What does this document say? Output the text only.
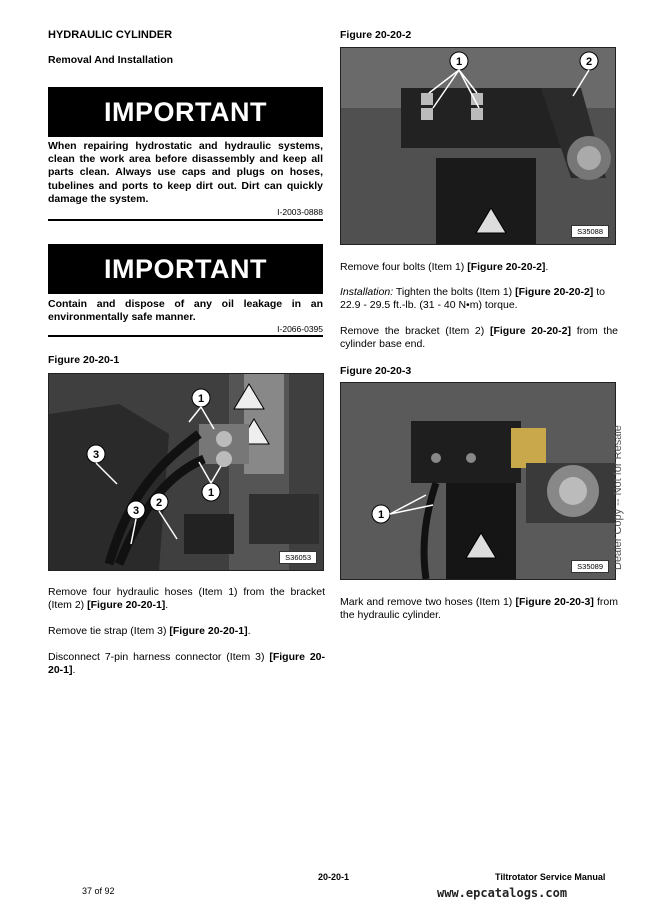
HYDRAULIC CYLINDER
Removal And Installation
IMPORTANT
When repairing hydrostatic and hydraulic systems, clean the work area before disassembly and keep all parts clean. Always use caps and plugs on hoses, tubelines and ports to keep dirt out. Dirt can quickly damage the system.
I-2003-0888
IMPORTANT
Contain and dispose of any oil leakage in an environmentally safe manner.
I-2066-0395
Figure 20-20-1
1
1
2
3
3
S36053
Remove four hydraulic hoses (Item 1) from the bracket (Item 2) [Figure 20-20-1].
Remove tie strap (Item 3) [Figure 20-20-1].
Disconnect 7-pin harness connector (Item 3) [Figure 20-20-1].
Figure 20-20-2
1	2
S35088
Remove four bolts (Item 1) [Figure 20-20-2].
Installation: Tighten the bolts (Item 1) [Figure 20-20-2] to 22.9 - 29.5 ft.-lb. (31 - 40 N•m) torque.
Remove the bracket (Item 2) [Figure 20-20-2] from the cylinder base end.
Figure 20-20-3
1
S35089
Mark and remove two hoses (Item 1) [Figure 20-20-3] from the hydraulic cylinder.
Dealer Copy -- Not for Resale
37 of 92
20-20-1	Tiltrotator Service Manual
www.epcatalogs.com
